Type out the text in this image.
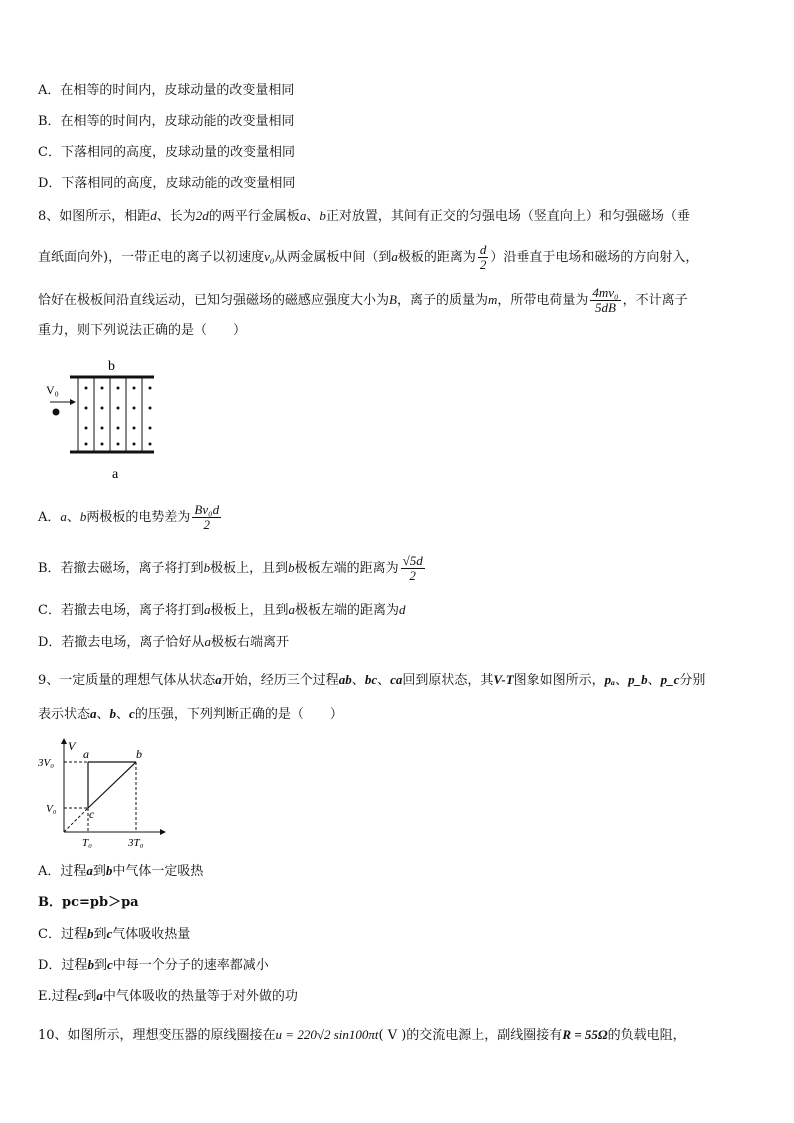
A．在相等的时间内，皮球动量的改变量相同
B．在相等的时间内，皮球动能的改变量相同
C．下落相同的高度，皮球动量的改变量相同
D．下落相同的高度，皮球动能的改变量相同
8、如图所示，相距d、长为2d的两平行金属板a、b正对放置，其间有正交的匀强电场（竖直向上）和匀强磁场（垂
直纸面向外)，一带正电的离子以初速度v₀从两金属板中间（到a极板的距离为 $\frac{d}{2}$ ）沿垂直于电场和磁场的方向射入，
恰好在极板间沿直线运动，已知匀强磁场的磁感应强度大小为B，离子的质量为m，所带电荷量为 $\frac{\text{4mv₀}}{5dB}$ ，不计离子
重力，则下列说法正确的是（　　）
b
V₀
a
A．a、b两极板的电势差为 $\frac{\text{Bv₀d}}{2}$
B．若撤去磁场，离子将打到b极板上，且到b极板左端的距离为 $\frac{√5d}{2}$
C．若撤去电场，离子将打到a极板上，且到a极板左端的距离为d
D．若撤去电场，离子恰好从a极板右端离开
9、一定质量的理想气体从状态a开始，经历三个过程ab、bc、ca回到原状态，其V-T图象如图所示，pₐ、p_b、p_c分别
表示状态a、b、c的压强，下列判断正确的是（　　）
V
3V₀
V₀
T₀	3T₀
a	b
c
A．过程a到b中气体一定吸热
B．pc=pb＞pa
C．过程b到c气体吸收热量
D．过程b到c中每一个分子的速率都减小
E.过程c到a中气体吸收的热量等于对外做的功
10、如图所示，理想变压器的原线圈接在u = 220√2 sin100πt( V )的交流电源上，副线圈接有R = 55Ω的负载电阻，
